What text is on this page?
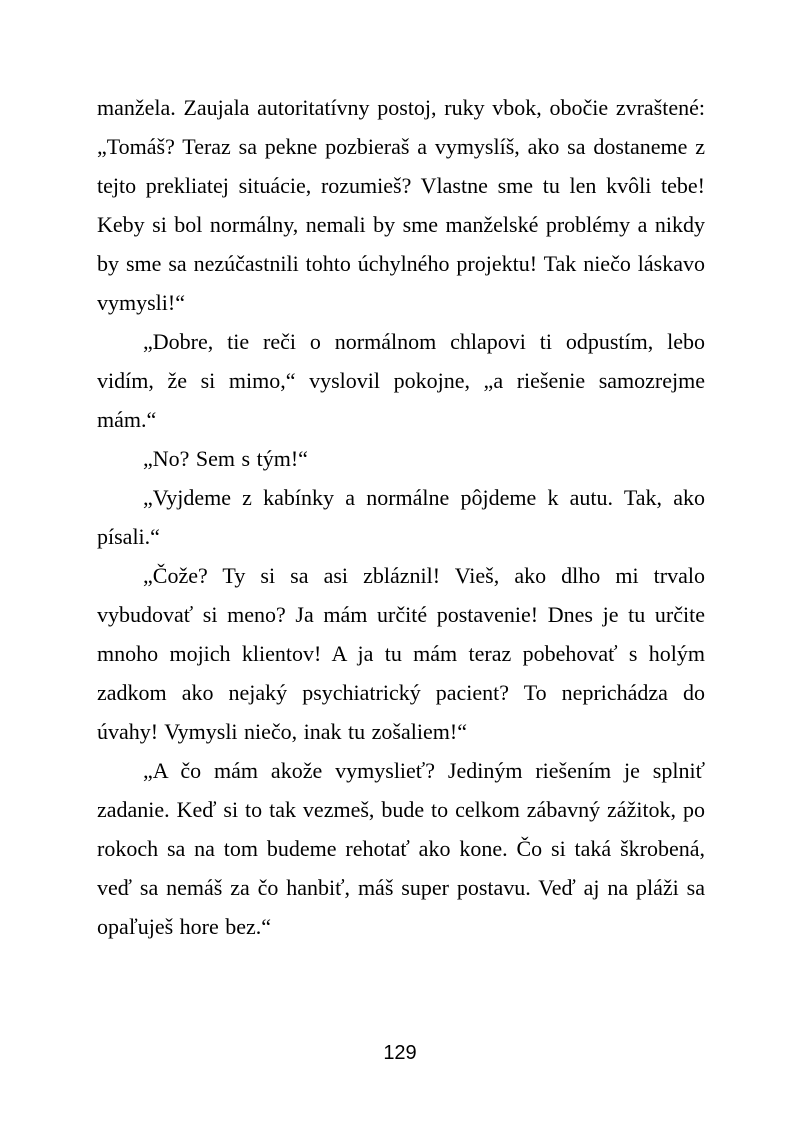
manžela. Zaujala autoritatívny postoj, ruky vbok, obočie zvraštené: „Tomáš? Teraz sa pekne pozbieraš a vymyslíš, ako sa dostaneme z tejto prekliatej situácie, rozumieš? Vlastne sme tu len kvôli tebe! Keby si bol normálny, nemali by sme manželské problémy a nikdy by sme sa nezúčastnili tohto úchylného projektu! Tak niečo láskavo vymysli!“

„Dobre, tie reči o normálnom chlapovi ti odpustím, lebo vidím, že si mimo,“ vyslovil pokojne, „a riešenie samozrejme mám.“

„No? Sem s tým!“

„Vyjdeme z kabínky a normálne pôjdeme k autu. Tak, ako písali.“

„Čože? Ty si sa asi zbláznil! Vieš, ako dlho mi trvalo vybudovať si meno? Ja mám určité postavenie! Dnes je tu určite mnoho mojich klientov! A ja tu mám teraz pobehovať s holým zadkom ako nejaký psychiatrický pacient? To neprichádza do úvahy! Vymysli niečo, inak tu zošaliem!“

„A čo mám akože vymyslieť? Jediným riešením je splniť zadanie. Keď si to tak vezmeš, bude to celkom zábavný zážitok, po rokoch sa na tom budeme rehotať ako kone. Čo si taká škrobená, veď sa nemáš za čo hanbiť, máš super postavu. Veď aj na pláži sa opaľuješ hore bez.“

129
